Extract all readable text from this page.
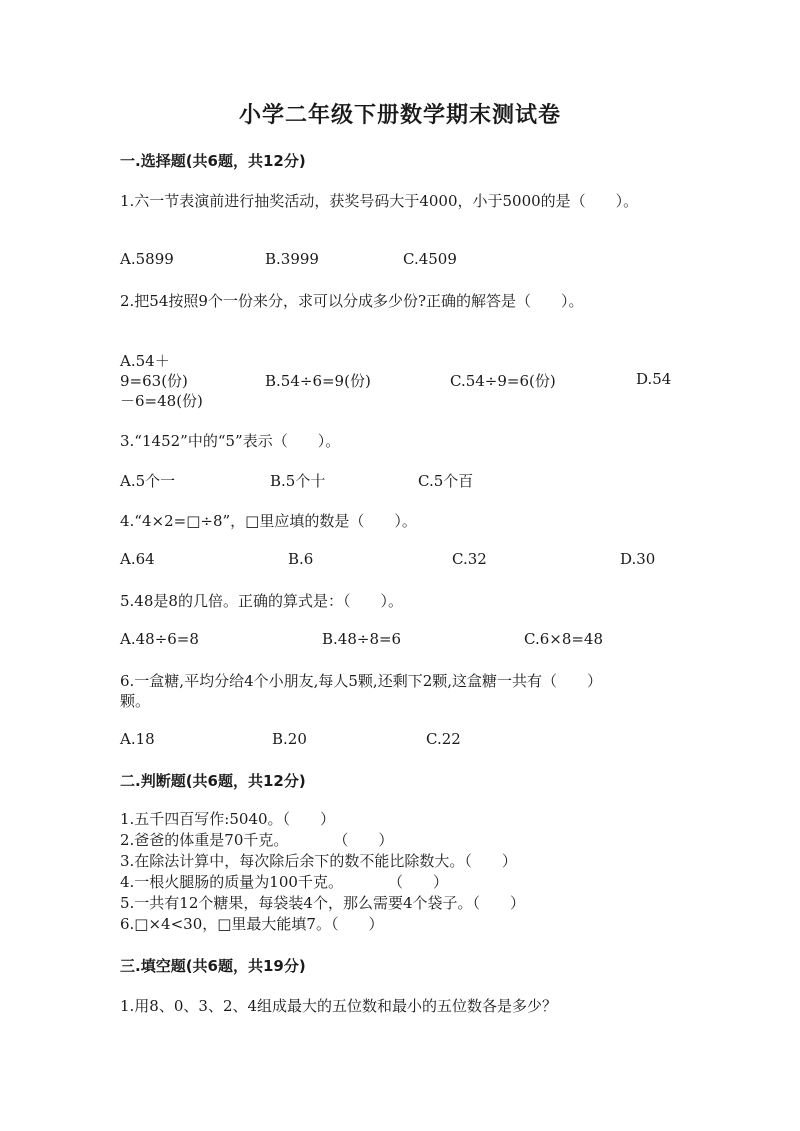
小学二年级下册数学期末测试卷
一.选择题(共6题，共12分)
1.六一节表演前进行抽奖活动，获奖号码大于4000，小于5000的是（　　）。
A.5899	B.3999	C.4509
2.把54按照9个一份来分，求可以分成多少份?正确的解答是（　　）。
A.54＋
9=63(份)	B.54÷6=9(份)	C.54÷9=6(份)	D.54
－6=48(份)
3.“1452”中的“5”表示（　　）。
A.5个一	B.5个十	C.5个百
4.“4×2=□÷8”，□里应填的数是（　　）。
A.64	B.6	C.32	D.30
5.48是8的几倍。正确的算式是：（　　）。
A.48÷6=8	B.48÷8=6	C.6×8=48
6.一盒糖,平均分给4个小朋友,每人5颗,还剩下2颗,这盒糖一共有（　　）
颗。
A.18	B.20	C.22
二.判断题(共6题，共12分)
1.五千四百写作:5040。（　　）
2.爸爸的体重是70千克。　　　　（　　）
3.在除法计算中，每次除后余下的数不能比除数大。（　　）
4.一根火腿肠的质量为100千克。　　　　（　　）
5.一共有12个糖果，每袋装4个，那么需要4个袋子。（　　）
6.□×4<30，□里最大能填7。（　　）
三.填空题(共6题，共19分)
1.用8、0、3、2、4组成最大的五位数和最小的五位数各是多少？
